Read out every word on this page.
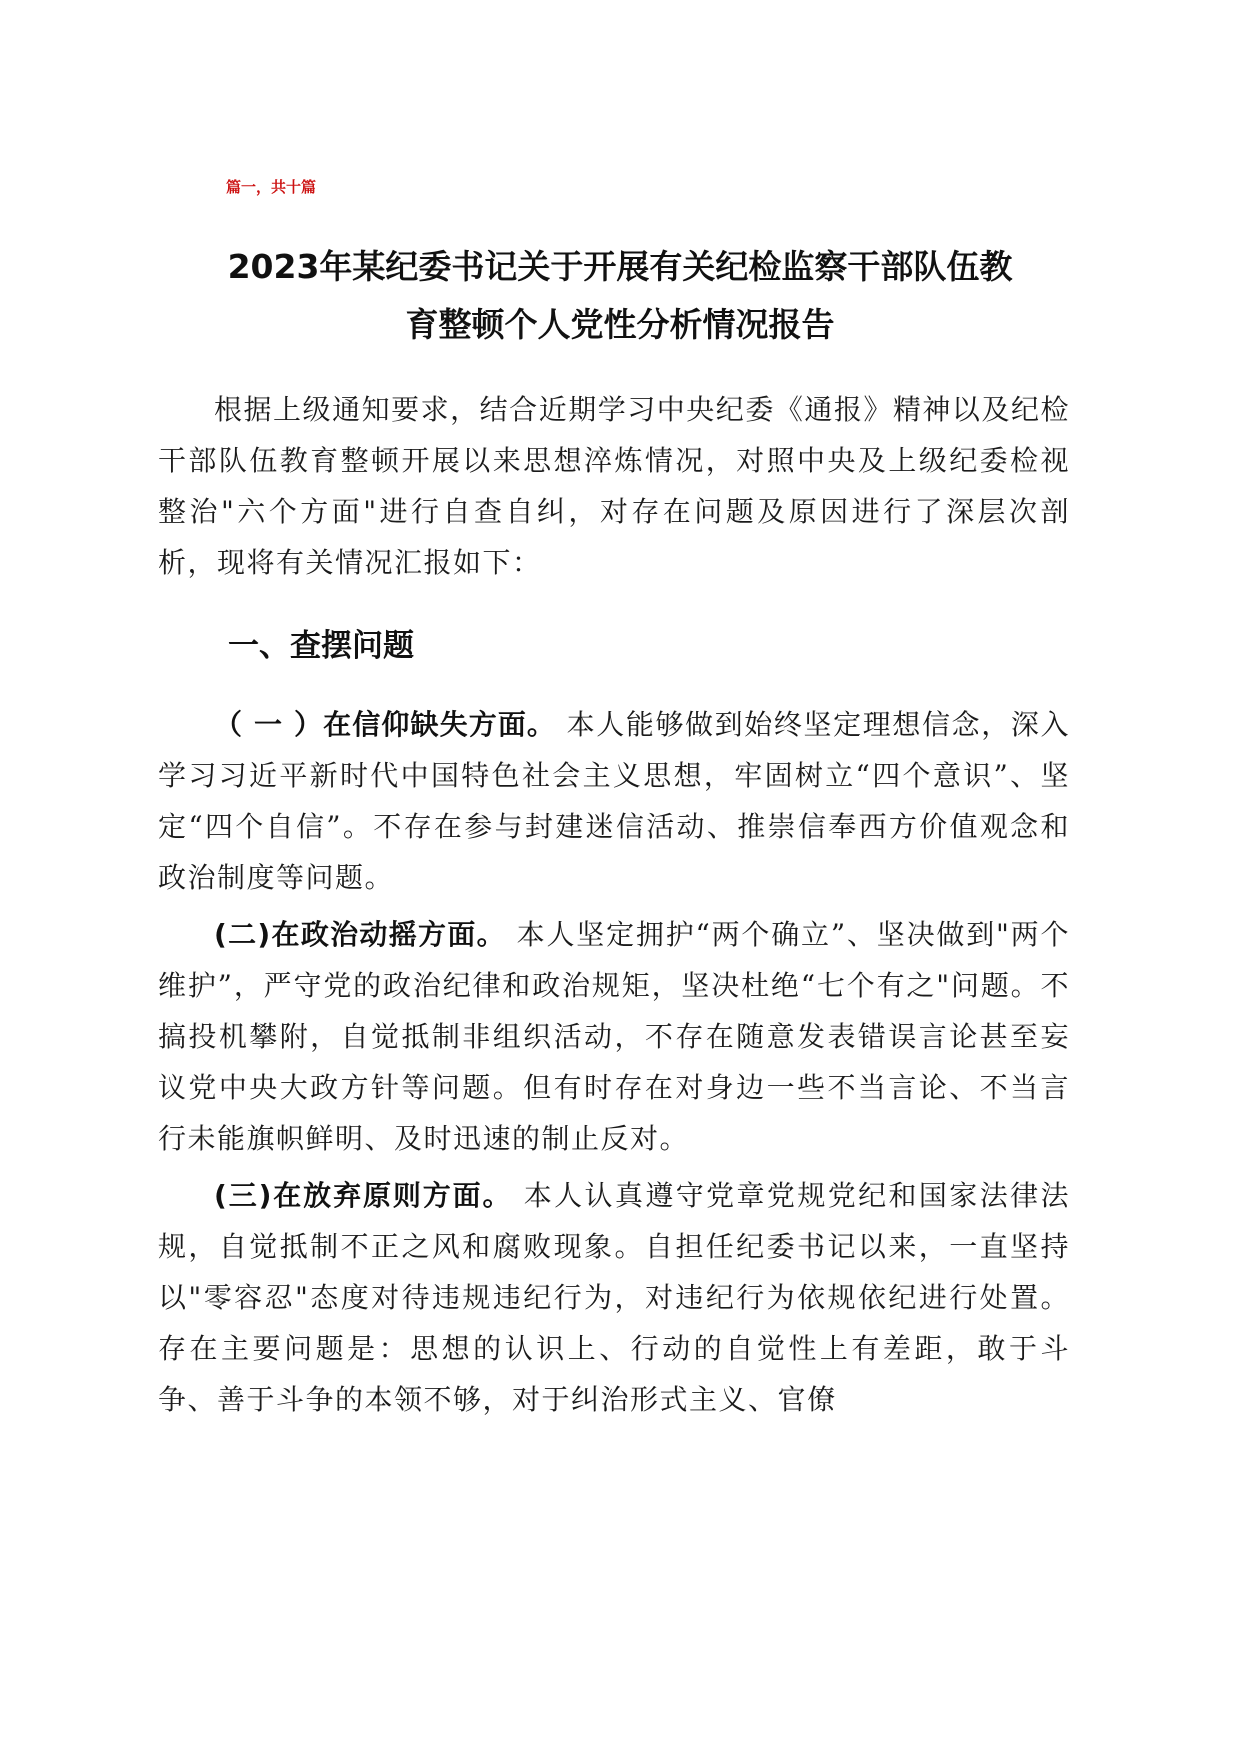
篇一，共十篇
2023年某纪委书记关于开展有关纪检监察干部队伍教
育整顿个人党性分析情况报告

根据上级通知要求，结合近期学习中央纪委《通报》精神以及纪检干部队伍教育整顿开展以来思想淬炼情况，对照中央及上级纪委检视整治"六个方面"进行自查自纠，对存在问题及原因进行了深层次剖析，现将有关情况汇报如下：

一、查摆问题

（ 一 ）在信仰缺失方面。 本人能够做到始终坚定理想信念，深入学习习近平新时代中国特色社会主义思想，牢固树立“四个意识”、坚定“四个自信”。不存在参与封建迷信活动、推崇信奉西方价值观念和政治制度等问题。

(二)在政治动摇方面。 本人坚定拥护“两个确立”、坚决做到"两个维护”，严守党的政治纪律和政治规矩，坚决杜绝“七个有之"问题。不搞投机攀附，自觉抵制非组织活动，不存在随意发表错误言论甚至妄议党中央大政方针等问题。但有时存在对身边一些不当言论、不当言行未能旗帜鲜明、及时迅速的制止反对。

(三)在放弃原则方面。 本人认真遵守党章党规党纪和国家法律法规，自觉抵制不正之风和腐败现象。自担任纪委书记以来，一直坚持以"零容忍"态度对待违规违纪行为，对违纪行为依规依纪进行处置。存在主要问题是：思想的认识上、行动的自觉性上有差距，敢于斗争、善于斗争的本领不够，对于纠治形式主义、官僚
